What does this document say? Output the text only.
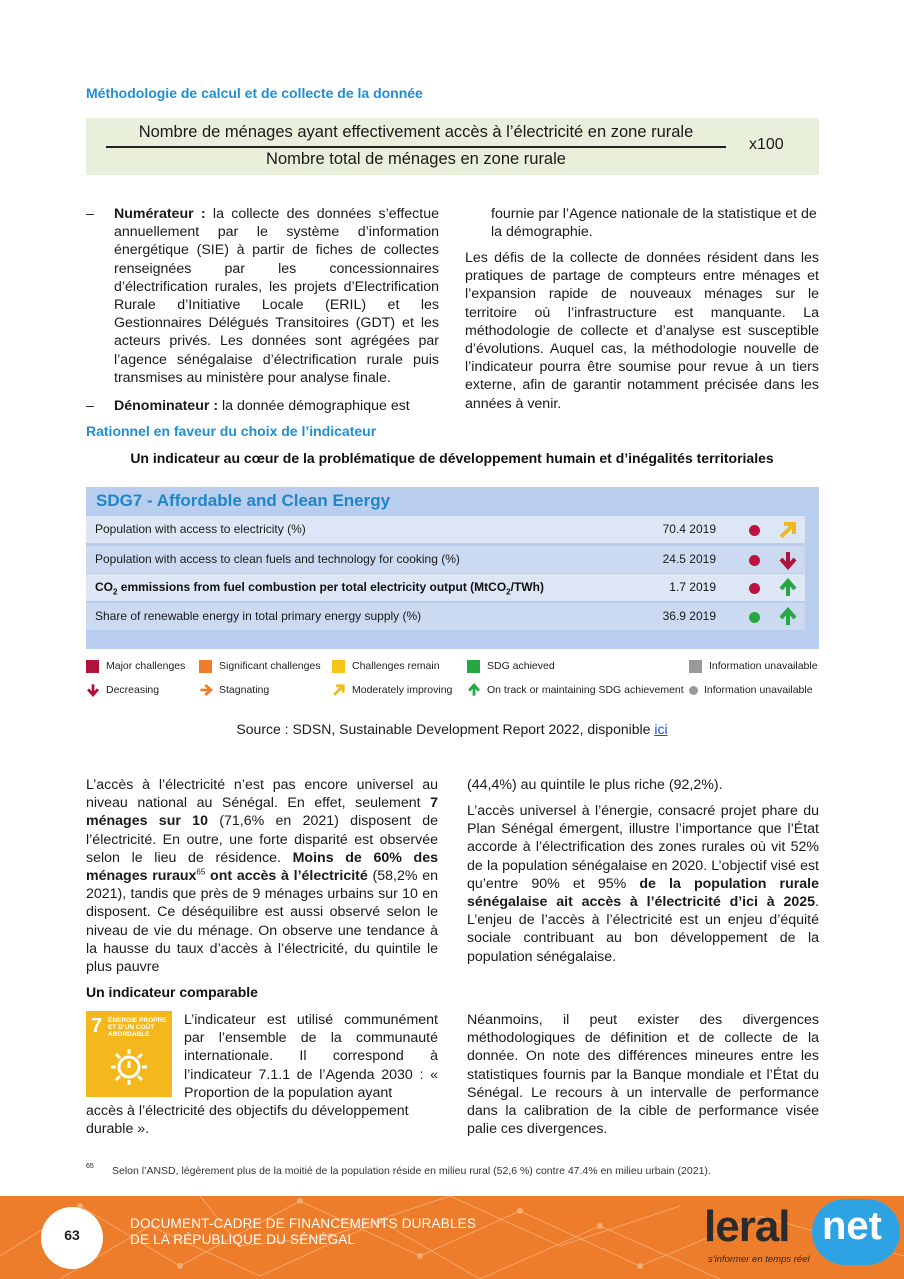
Méthodologie de calcul et de collecte de la donnée
Nombre de ménages ayant effectivement accès à l’électricité en zone rurale
Nombre total de ménages en zone rurale
x100
– Numérateur : la collecte des données s’effectue annuellement par le système d’information énergétique (SIE) à partir de fiches de collectes renseignées par les concessionnaires d’électrification rurales, les projets d’Electrification Rurale d’Initiative Locale (ERIL) et les Gestionnaires Délégués Transitoires (GDT) et les acteurs privés. Les données sont agrégées par l’agence sénégalaise d’électrification rurale puis transmises au ministère pour analyse finale.
– Dénominateur : la donnée démographique est
fournie par l’Agence nationale de la statistique et de la démographie.
Les défis de la collecte de données résident dans les pratiques de partage de compteurs entre ménages et l’expansion rapide de nouveaux ménages sur le territoire où l’infrastructure est manquante. La méthodologie de collecte et d’analyse est susceptible d’évolutions. Auquel cas, la méthodologie nouvelle de l’indicateur pourra être soumise pour revue à un tiers externe, afin de garantir notamment précisée dans les années à venir.
Rationnel en faveur du choix de l’indicateur
Un indicateur au cœur de la problématique de développement humain et d’inégalités territoriales
SDG7 - Affordable and Clean Energy
Population with access to electricity (%)	70.4 2019
Population with access to clean fuels and technology for cooking (%)	24.5 2019
$CO_2$ emmissions from fuel combustion per total electricity output (MtCO$_2$/TWh)	1.7 2019
Share of renewable energy in total primary energy supply (%)	36.9 2019
Major challenges	Significant challenges	Challenges remain	SDG achieved	Information unavailable
Decreasing	Stagnating	Moderately improving	On track or maintaining SDG achievement	Information unavailable
Source : SDSN, Sustainable Development Report 2022, disponible ici
L’accès à l’électricité n’est pas encore universel au niveau national au Sénégal. En effet, seulement 7 ménages sur 10 (71,6% en 2021) disposent de l’électricité. En outre, une forte disparité est observée selon le lieu de résidence. Moins de 60% des ménages ruraux$^{65}$ ont accès à l’électricité (58,2% en 2021), tandis que près de 9 ménages urbains sur 10 en disposent. Ce déséquilibre est aussi observé selon le niveau de vie du ménage. On observe une tendance à la hausse du taux d’accès à l’électricité, du quintile le plus pauvre
(44,4%) au quintile le plus riche (92,2%).
L’accès universel à l’énergie, consacré projet phare du Plan Sénégal émergent, illustre l’importance que l’État accorde à l’électrification des zones rurales où vit 52% de la population sénégalaise en 2020. L’objectif visé est qu’entre 90% et 95% de la population rurale sénégalaise ait accès à l’électricité d’ici à 2025. L’enjeu de l’accès à l’électricité est un enjeu d’équité sociale contribuant au bon développement de la population sénégalaise.
Un indicateur comparable
7 ÉNERGIE PROPRE ET D’UN COÛT ABORDABLE
L’indicateur est utilisé communément par l’ensemble de la communauté internationale. Il correspond à l’indicateur 7.1.1 de l’Agenda 2030 : « Proportion de la population ayant
accès à l’électricité des objectifs du développement durable ».
Néanmoins, il peut exister des divergences méthodologiques de définition et de collecte de la donnée. On note des différences mineures entre les statistiques fournis par la Banque mondiale et l’État du Sénégal. Le recours à un intervalle de performance dans la calibration de la cible de performance visée palie ces divergences.
65 Selon l’ANSD, légèrement plus de la moitié de la population réside en milieu rural (52,6 %) contre 47.4% en milieu urbain (2021).
63
DOCUMENT-CADRE DE FINANCEMENTS DURABLES
DE LA RÉPUBLIQUE DU SÉNÉGAL	leral net
s'informer en temps réel
